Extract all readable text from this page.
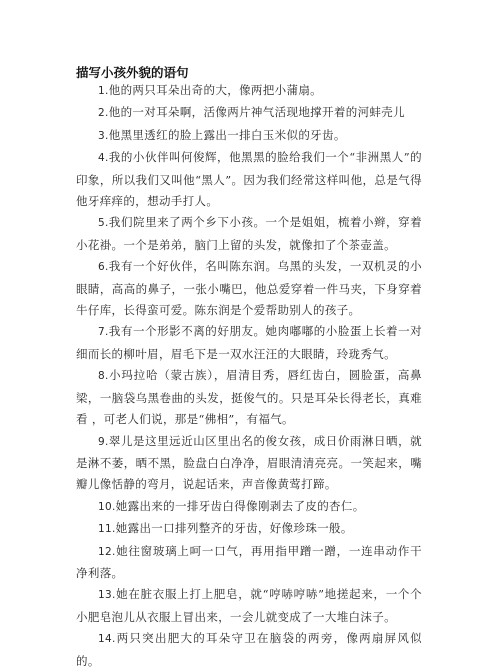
描写小孩外貌的语句

1.他的两只耳朵出奇的大，像两把小蒲扇。

2.他的一对耳朵啊，活像两片神气活现地撑开着的河蚌壳儿

3.他黑里透红的脸上露出一排白玉米似的牙齿。

4.我的小伙伴叫何俊辉，他黑黑的脸给我们一个“非洲黑人”的印象，所以我们又叫他“黑人”。因为我们经常这样叫他，总是气得他牙痒痒的，想动手打人。

5.我们院里来了两个乡下小孩。一个是姐姐，梳着小辫，穿着小花褂。一个是弟弟，脑门上留的头发，就像扣了个茶壶盖。

6.我有一个好伙伴，名叫陈东润。乌黑的头发，一双机灵的小眼睛，高高的鼻子，一张小嘴巴，他总爱穿着一件马夹，下身穿着牛仔库，长得蛮可爱。陈东润是个爱帮助别人的孩子。

7.我有一个形影不离的好朋友。她肉嘟嘟的小脸蛋上长着一对细而长的柳叶眉，眉毛下是一双水汪汪的大眼睛，玲珑秀气。

8.小玛拉哈（蒙古族），眉清目秀，唇红齿白，圆脸蛋，高鼻梁，一脑袋乌黑卷曲的头发，挺俊气的。只是耳朵长得老长，真难看 ，可老人们说，那是“佛相”，有福气。

9.翠儿是这里远近山区里出名的俊女孩，成日价雨淋日晒，就是淋不萎，晒不黑，脸盘白白净净，眉眼清清亮亮。一笑起来，嘴瓣儿像恬静的弯月，说起话来，声音像黄莺打蹄。

10.她露出来的一排牙齿白得像刚剥去了皮的杏仁。

11.她露出一口排列整齐的牙齿，好像珍珠一般。

12.她往窗玻璃上呵一口气，再用指甲蹭一蹭，一连串动作干净利落。

13.她在脏衣服上打上肥皂，就“哼哧哼哧”地搓起来，一个个小肥皂泡儿从衣服上冒出来，一会儿就变成了一大堆白沫子。

14.两只突出肥大的耳朵守卫在脑袋的两旁，像两扇屏风似的。
